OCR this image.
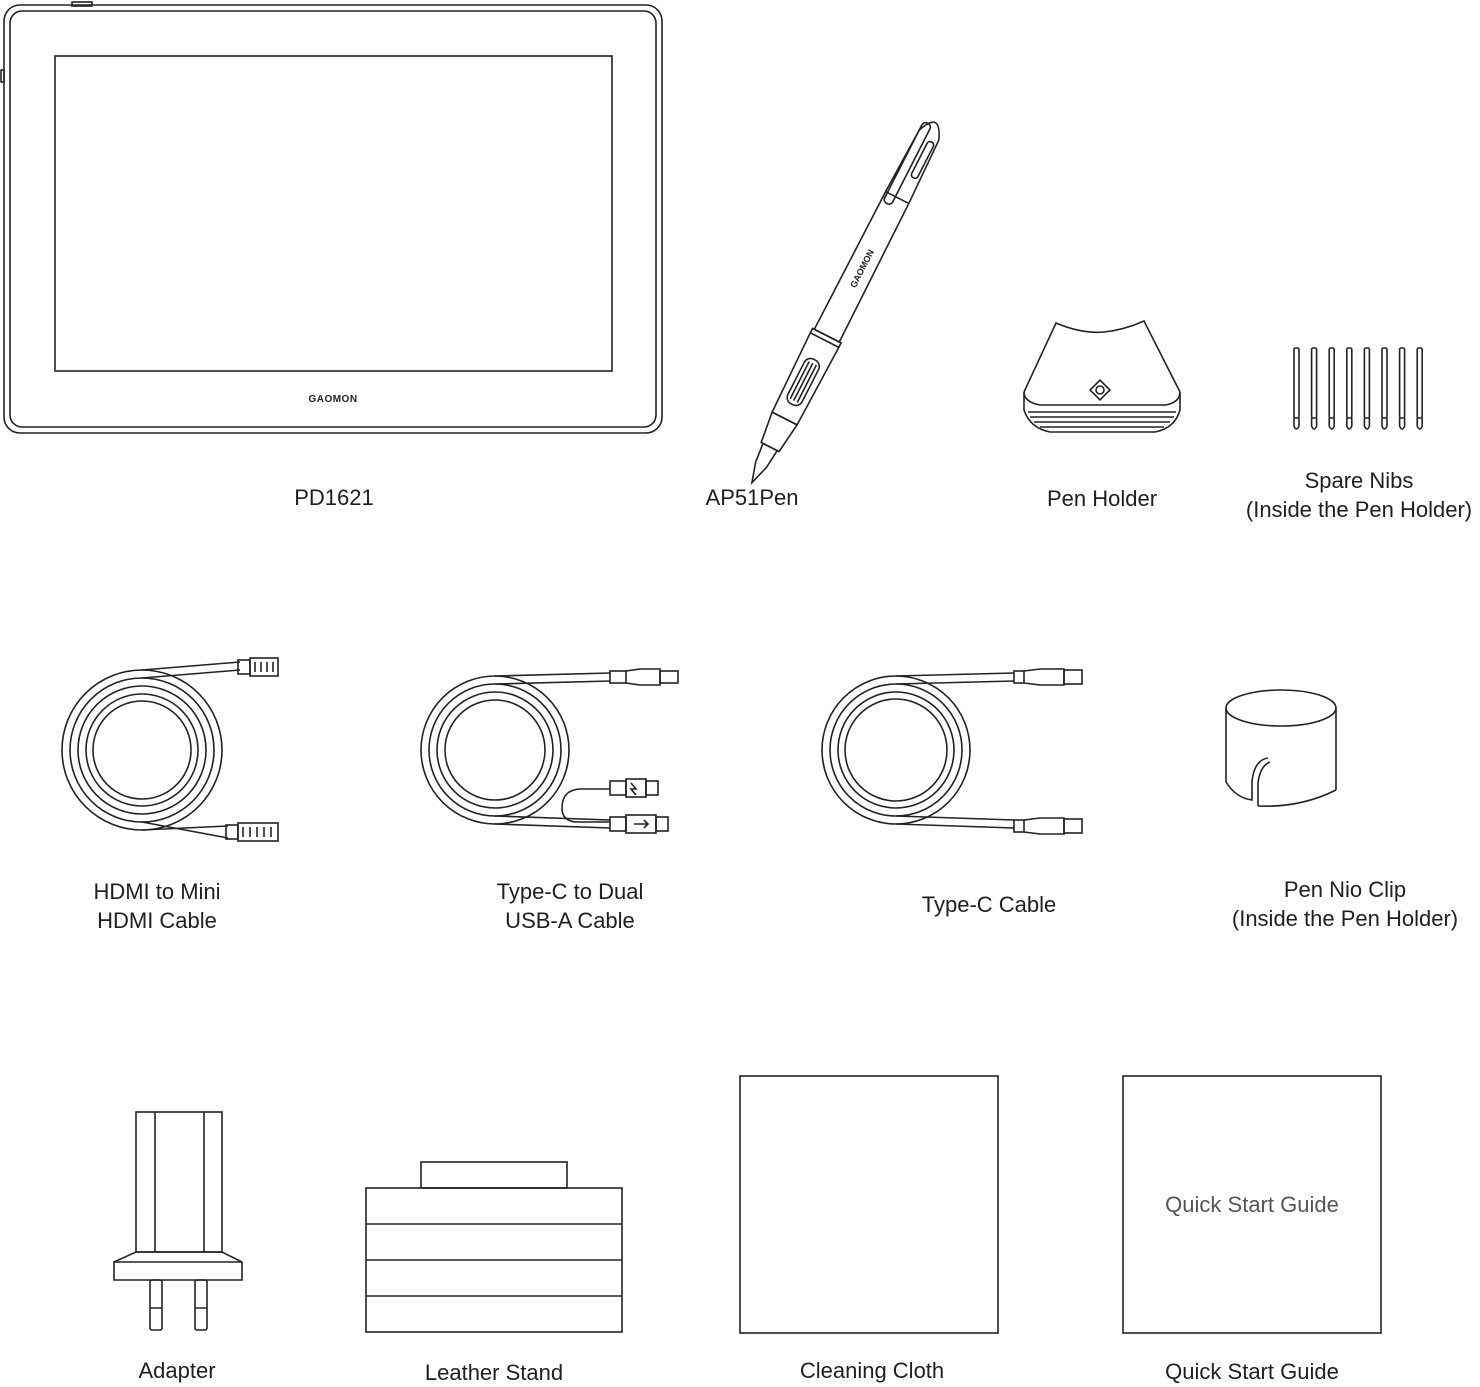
GAOMON
GAOMON
Quick Start Guide
PD1621	AP51Pen	Pen Holder
Spare Nibs
(Inside the Pen Holder)
HDMI to Mini
HDMI Cable
Type-C to Dual
USB-A Cable
Type-C Cable
Pen Nio Clip
(Inside the Pen Holder)
Adapter	Leather Stand	Cleaning Cloth	Quick Start Guide
